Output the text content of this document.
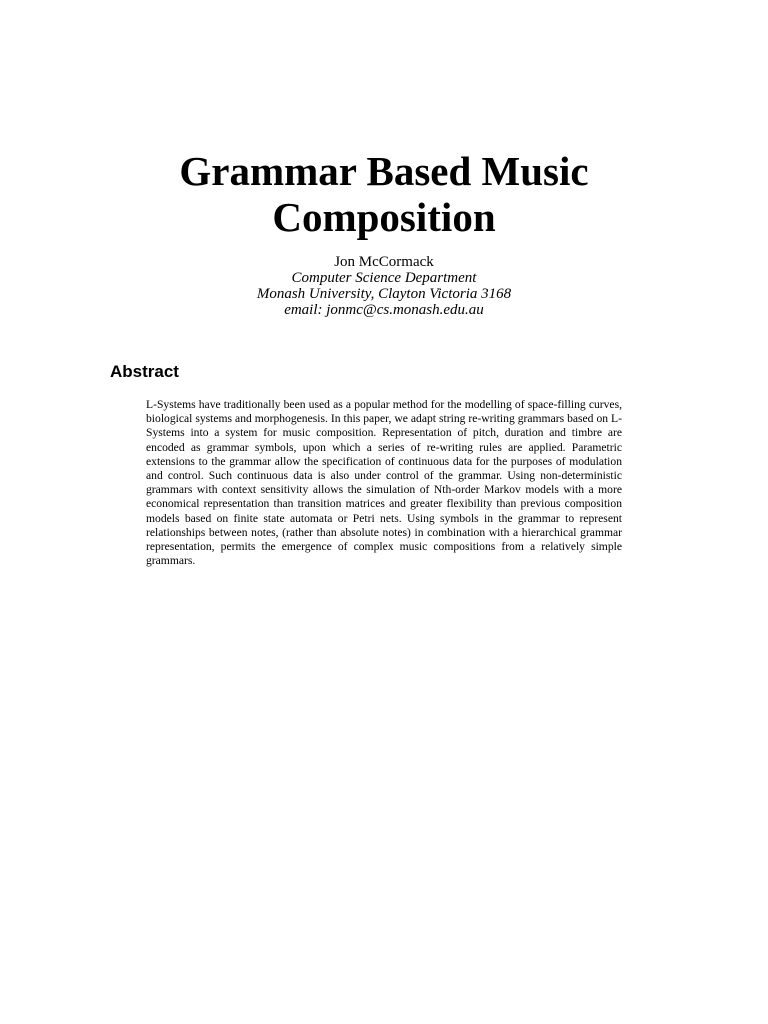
Grammar Based Music
Composition
Jon McCormack
Computer Science Department
Monash University, Clayton Victoria 3168
email: jonmc@cs.monash.edu.au
Abstract

L-Systems have traditionally been used as a popular method for the modelling of space-filling curves, biological systems and morphogenesis. In this paper, we adapt string re-writing grammars based on L-Systems into a system for music composition. Representation of pitch, duration and timbre are encoded as grammar symbols, upon which a series of re-writing rules are applied. Parametric extensions to the grammar allow the specification of continuous data for the purposes of modulation and control. Such continuous data is also under control of the grammar. Using non-deterministic grammars with context sensitivity allows the simulation of Nth-order Markov models with a more economical representation than transition matrices and greater flexibility than previous composition models based on finite state automata or Petri nets. Using symbols in the grammar to represent relationships between notes, (rather than absolute notes) in combination with a hierarchical grammar representation, permits the emergence of complex music compositions from a relatively simple grammars.
